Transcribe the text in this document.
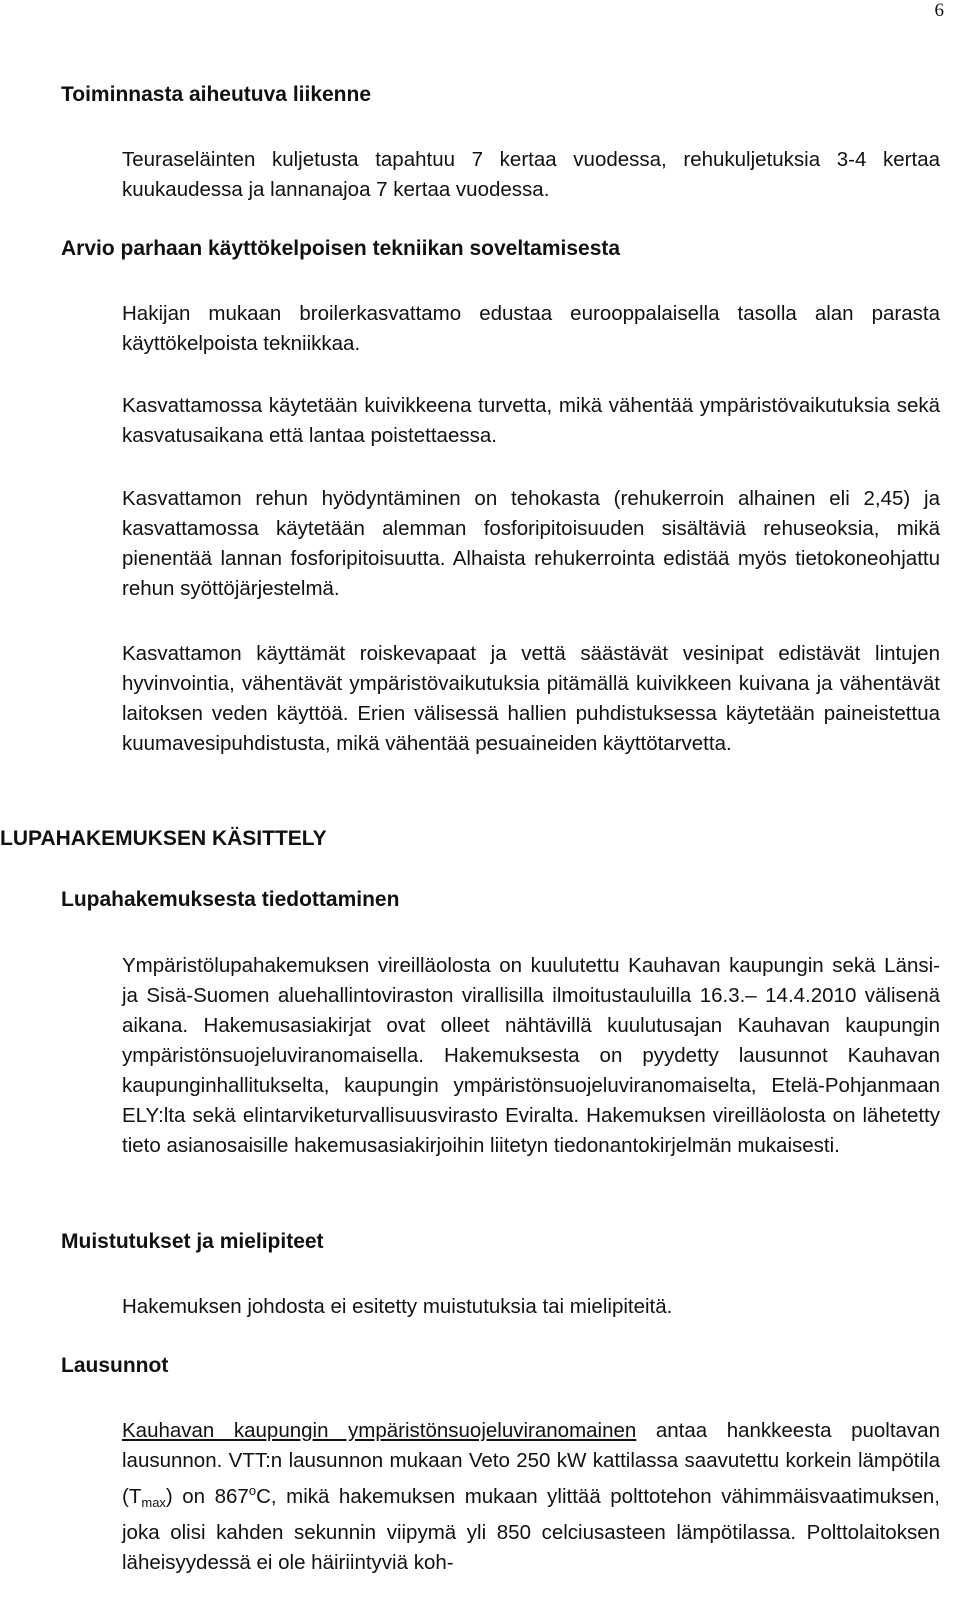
6
Toiminnasta aiheutuva liikenne

Teuraseläinten kuljetusta tapahtuu 7 kertaa vuodessa, rehukuljetuksia 3-4 kertaa kuukaudessa ja lannanajoa 7 kertaa vuodessa.

Arvio parhaan käyttökelpoisen tekniikan soveltamisesta

Hakijan mukaan broilerkasvattamo edustaa eurooppalaisella tasolla alan parasta käyttökelpoista tekniikkaa.

Kasvattamossa käytetään kuivikkeena turvetta, mikä vähentää ympäristövaikutuksia sekä kasvatusaikana että lantaa poistettaessa.

Kasvattamon rehun hyödyntäminen on tehokasta (rehukerroin alhainen eli 2,45) ja kasvattamossa käytetään alemman fosforipitoisuuden sisältäviä rehuseoksia, mikä pienentää lannan fosforipitoisuutta. Alhaista rehukerrointa edistää myös tietokoneohjattu rehun syöttöjärjestelmä.

Kasvattamon käyttämät roiskevapaat ja vettä säästävät vesinipat edistävät lintujen hyvinvointia, vähentävät ympäristövaikutuksia pitämällä kuivikkeen kuivana ja vähentävät laitoksen veden käyttöä. Erien välisessä hallien puhdistuksessa käytetään paineistettua kuumavesipuhdistusta, mikä vähentää pesuaineiden käyttötarvetta.

LUPAHAKEMUKSEN KÄSITTELY
Lupahakemuksesta tiedottaminen

Ympäristölupahakemuksen vireilläolosta on kuulutettu Kauhavan kaupungin sekä Länsi- ja Sisä-Suomen aluehallintoviraston virallisilla ilmoitustauluilla 16.3.– 14.4.2010 välisenä aikana. Hakemusasiakirjat ovat olleet nähtävillä kuulutusajan Kauhavan kaupungin ympäristönsuojeluviranomaisella. Hakemuksesta on pyydetty lausunnot Kauhavan kaupunginhallitukselta, kaupungin ympäristönsuojeluviranomaiselta, Etelä-Pohjanmaan ELY:lta sekä elintarviketurvallisuusvirasto Eviralta. Hakemuksen vireilläolosta on lähetetty tieto asianosaisille hakemusasiakirjoihin liitetyn tiedonantokirjelmän mukaisesti.

Muistutukset ja mielipiteet

Hakemuksen johdosta ei esitetty muistutuksia tai mielipiteitä.

Lausunnot

Kauhavan kaupungin ympäristönsuojeluviranomainen antaa hankkeesta puoltavan lausunnon. VTT:n lausunnon mukaan Veto 250 kW kattilassa saavutettu korkein lämpötila $(T_{max})$ on 867$^o$C, mikä hakemuksen mukaan ylittää polttotehon vähimmäisvaatimuksen, joka olisi kahden sekunnin viipymä yli 850 celciusasteen lämpötilassa. Polttolaitoksen läheisyydessä ei ole häiriintyviä koh-
